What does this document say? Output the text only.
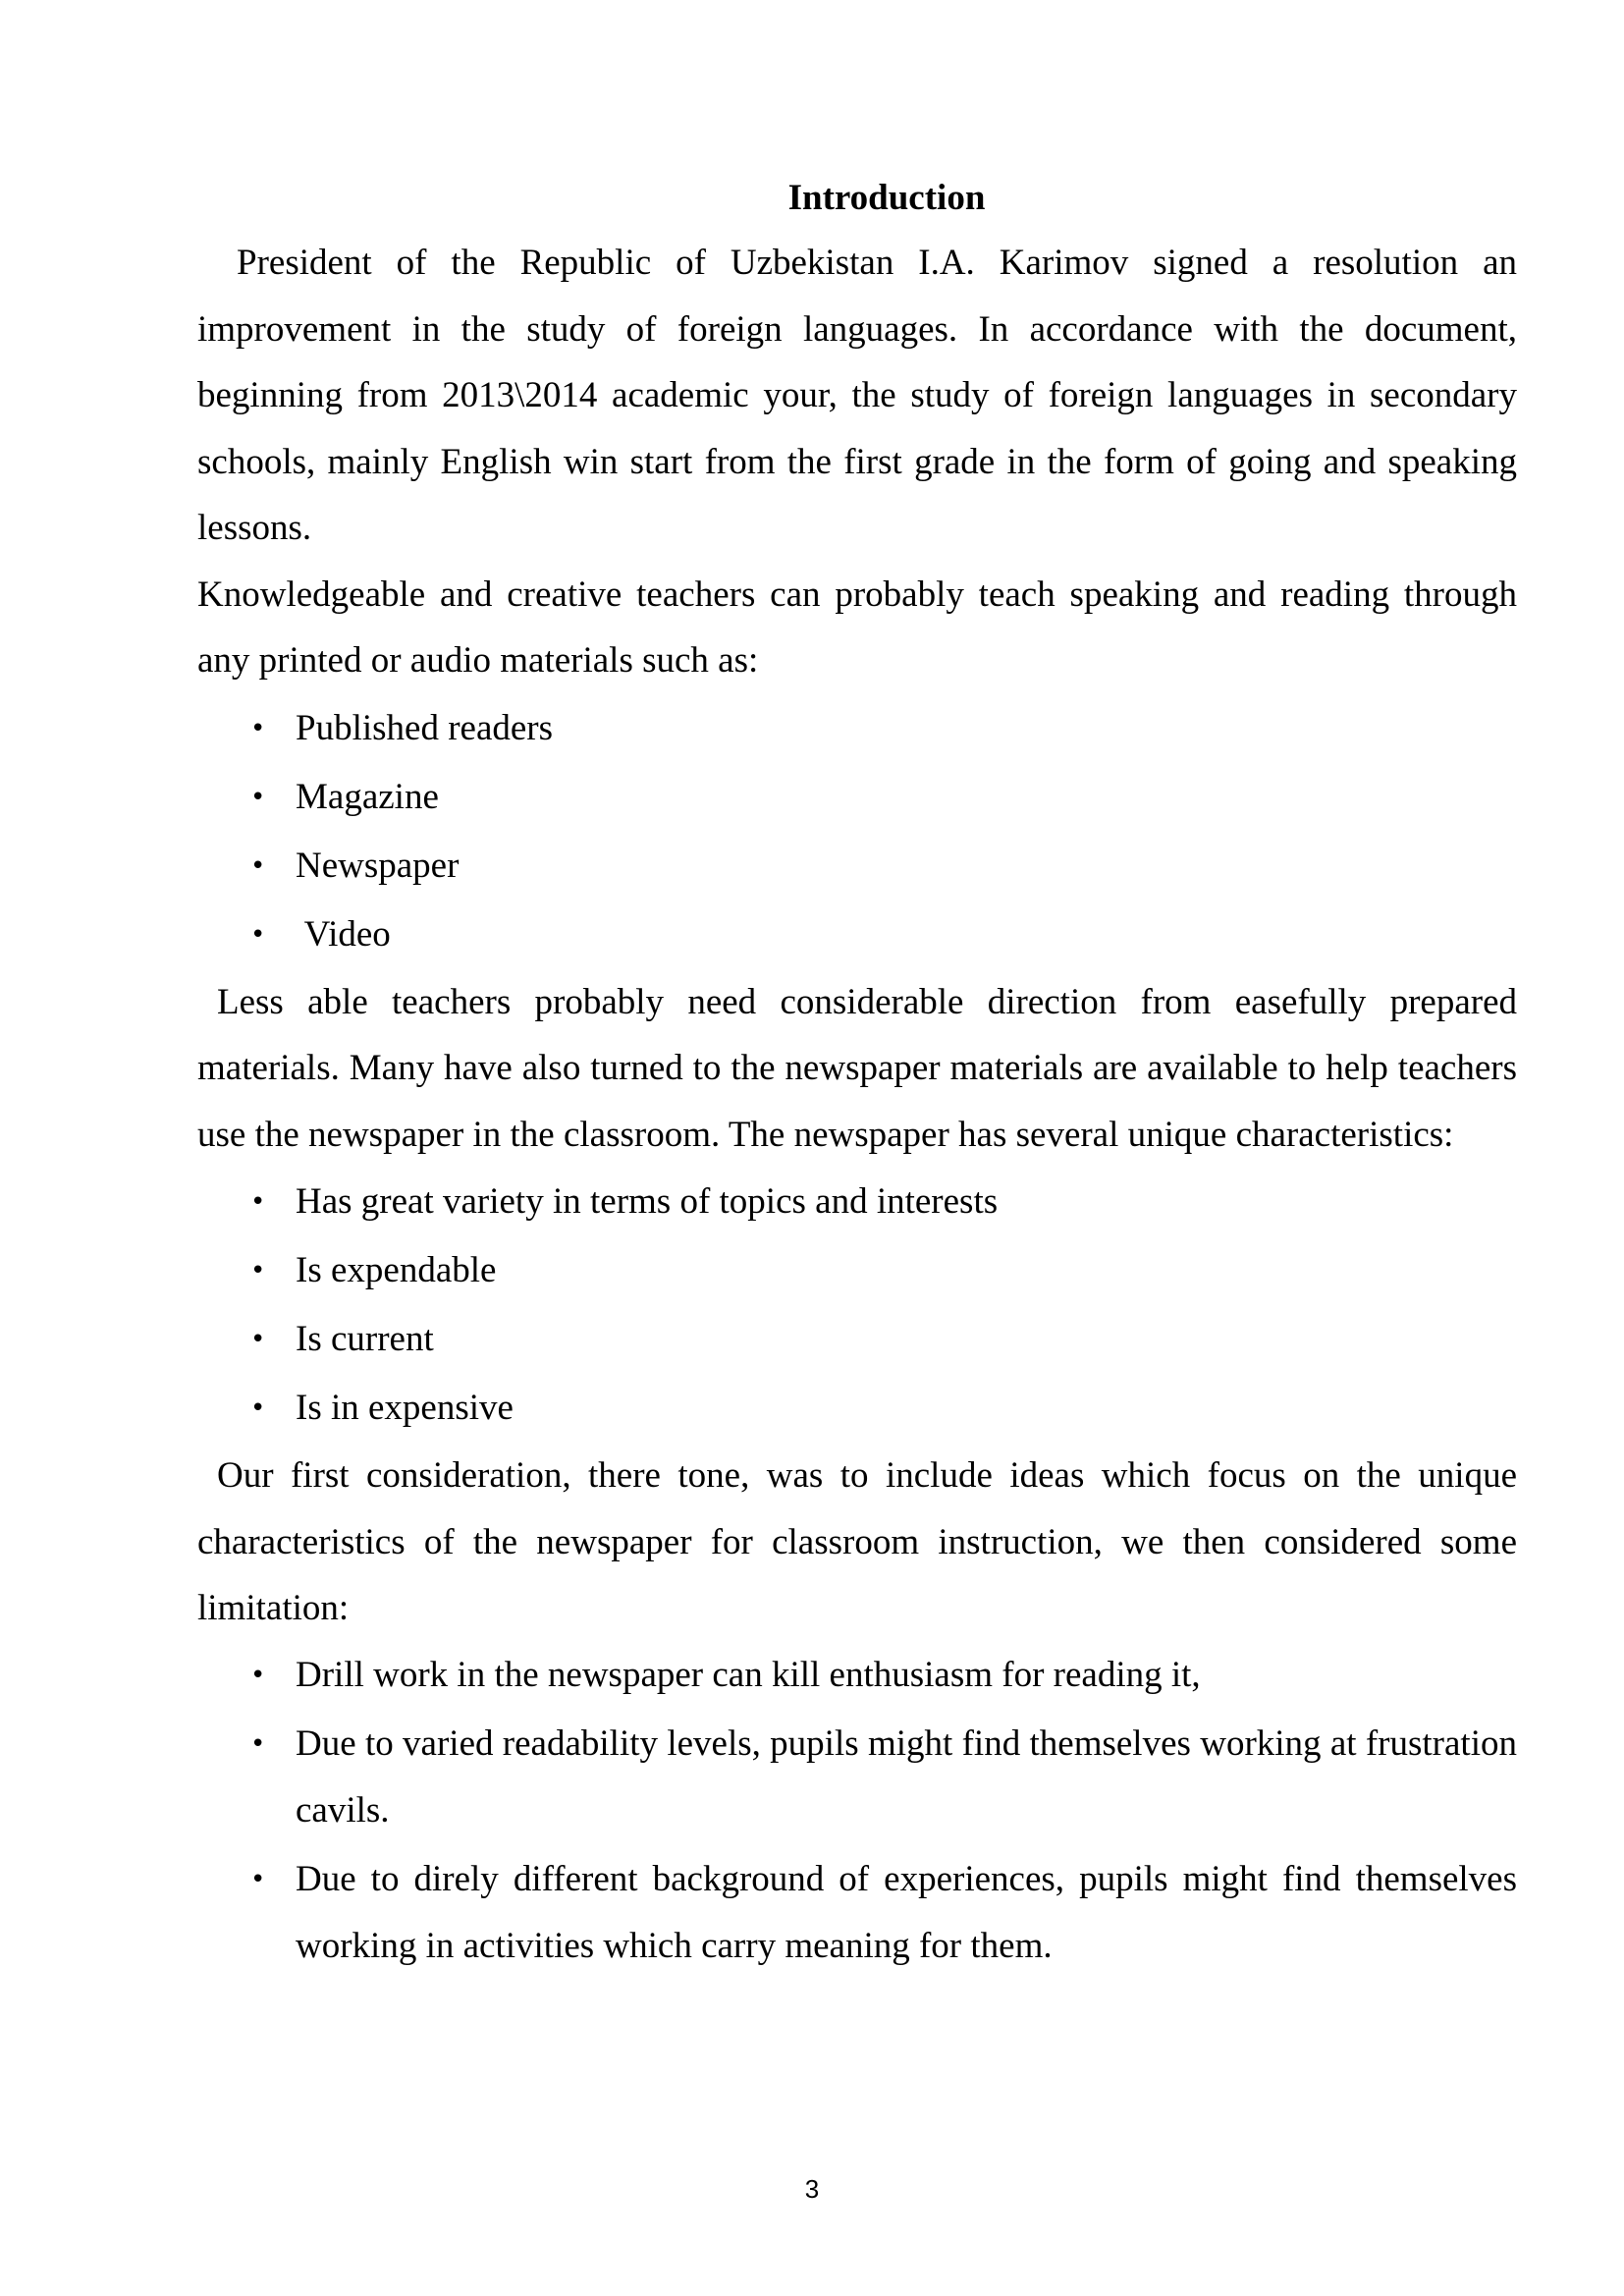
Introduction

President of the Republic of Uzbekistan I.A. Karimov signed a resolution an improvement in the study of foreign languages. In accordance with the document, beginning from 2013\2014 academic your, the study of foreign languages in secondary schools, mainly English win start from the first grade in the form of going and speaking lessons.

Knowledgeable and creative teachers can probably teach speaking and reading through any printed or audio materials such as:

• Published readers
• Magazine
• Newspaper
• Video

Less able teachers probably need considerable direction from easefully prepared materials. Many have also turned to the newspaper materials are available to help teachers use the newspaper in the classroom. The newspaper has several unique characteristics:

• Has great variety in terms of topics and interests
• Is expendable
• Is current
• Is in expensive

Our first consideration, there tone, was to include ideas which focus on the unique characteristics of the newspaper for classroom instruction, we then considered some limitation:

• Drill work in the newspaper can kill enthusiasm for reading it,
• Due to varied readability levels, pupils might find themselves working at frustration cavils.
• Due to direly different background of experiences, pupils might find themselves working in activities which carry meaning for them.
3
